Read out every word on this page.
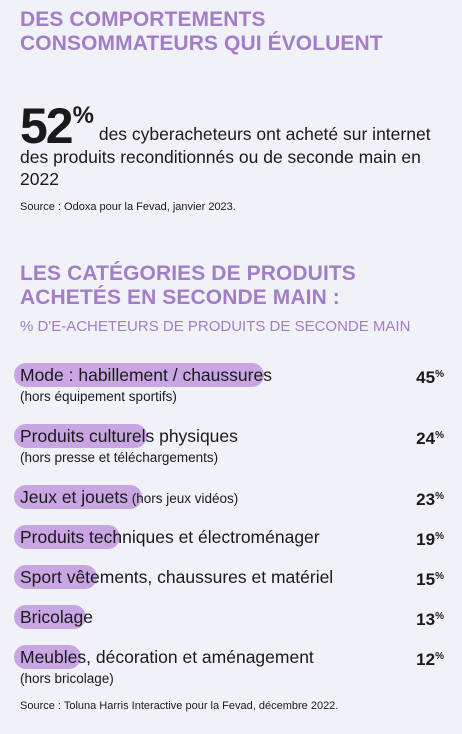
DES COMPORTEMENTS
CONSOMMATEURS QUI ÉVOLUENT
52% des cyberacheteurs ont acheté sur internet
des produits reconditionnés ou de seconde main en
2022
Source : Odoxa pour la Fevad, janvier 2023.
LES CATÉGORIES DE PRODUITS
ACHETÉS EN SECONDE MAIN :
% D'E-ACHETEURS DE PRODUITS DE SECONDE MAIN
Mode : habillement / chaussures
(hors équipement sportifs)
45%
Produits culturels physiques
(hors presse et téléchargements)
24%
Jeux et jouets (hors jeux vidéos)	23%
Produits techniques et électroménager	19%
Sport vêtements, chaussures et matériel	15%
Bricolage	13%
Meubles, décoration et aménagement
(hors bricolage)
12%
Source : Toluna Harris Interactive pour la Fevad, décembre 2022.
